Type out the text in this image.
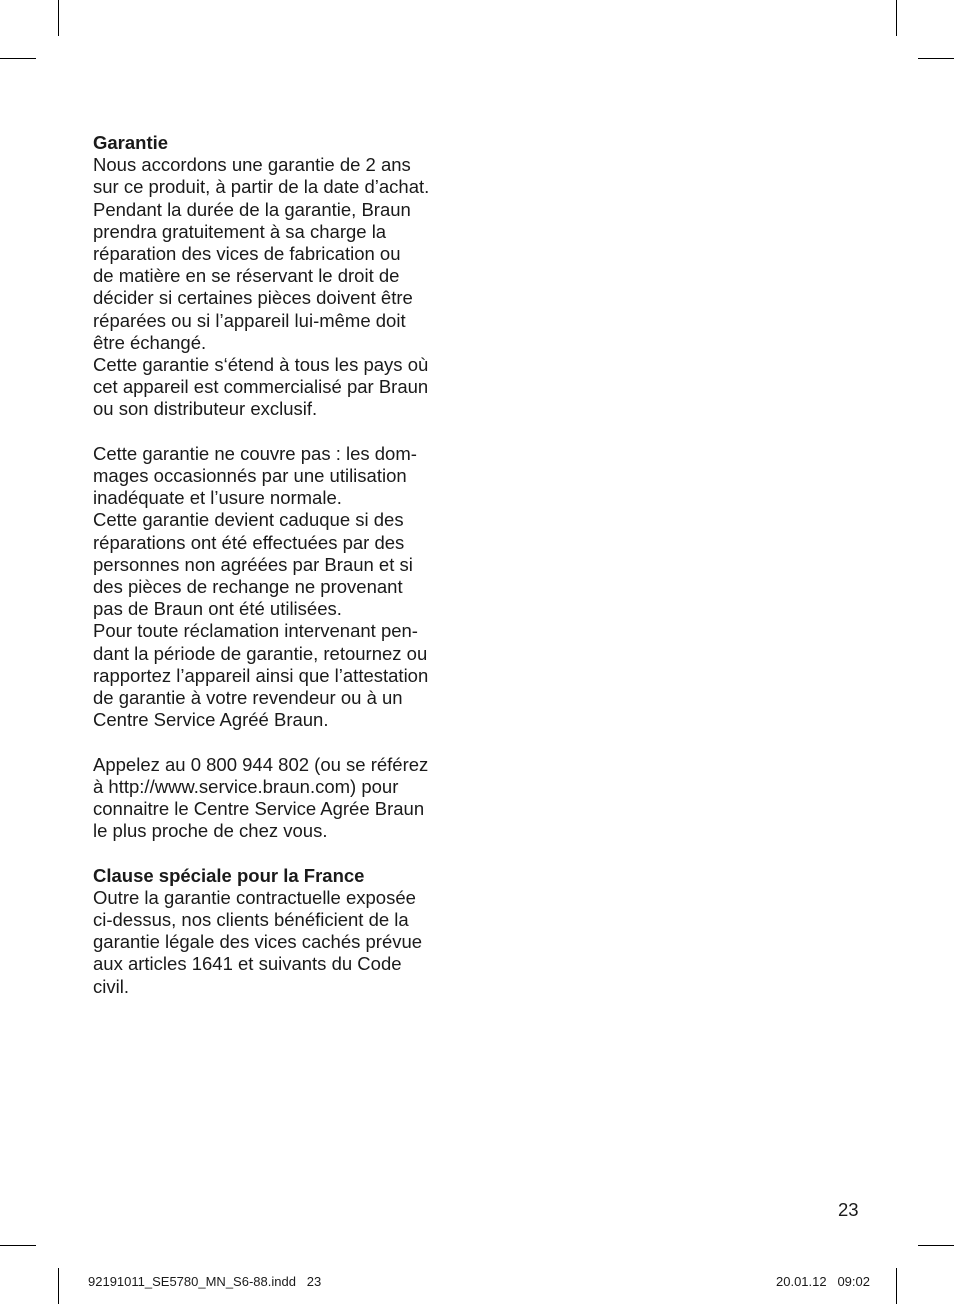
Garantie
Nous accordons une garantie de 2 ans
sur ce produit, à partir de la date d’achat.
Pendant la durée de la garantie, Braun
prendra gratuitement à sa charge la
réparation des vices de fabrication ou
de matière en se réservant le droit de
décider si certaines pièces doivent être
réparées ou si l’appareil lui-même doit
être échangé.
Cette garantie s‘étend à tous les pays où
cet appareil est commercialisé par Braun
ou son distributeur exclusif.
Cette garantie ne couvre pas : les dom-
mages occasionnés par une utilisation
inadéquate et l’usure normale.
Cette garantie devient caduque si des
réparations ont été effectuées par des
personnes non agréées par Braun et si
des pièces de rechange ne provenant
pas de Braun ont été utilisées.
Pour toute réclamation intervenant pen-
dant la période de garantie, retournez ou
rapportez l’appareil ainsi que l’attestation
de garantie à votre revendeur ou à un
Centre Service Agréé Braun.
Appelez au 0 800 944 802 (ou se référez
à http://www.service.braun.com) pour
connaitre le Centre Service Agrée Braun
le plus proche de chez vous.
Clause spéciale pour la France
Outre la garantie contractuelle exposée
ci-dessus, nos clients bénéficient de la
garantie légale des vices cachés prévue
aux articles 1641 et suivants du Code
civil.
23
92191011_SE5780_MN_S6-88.indd   23	20.01.12   09:02
